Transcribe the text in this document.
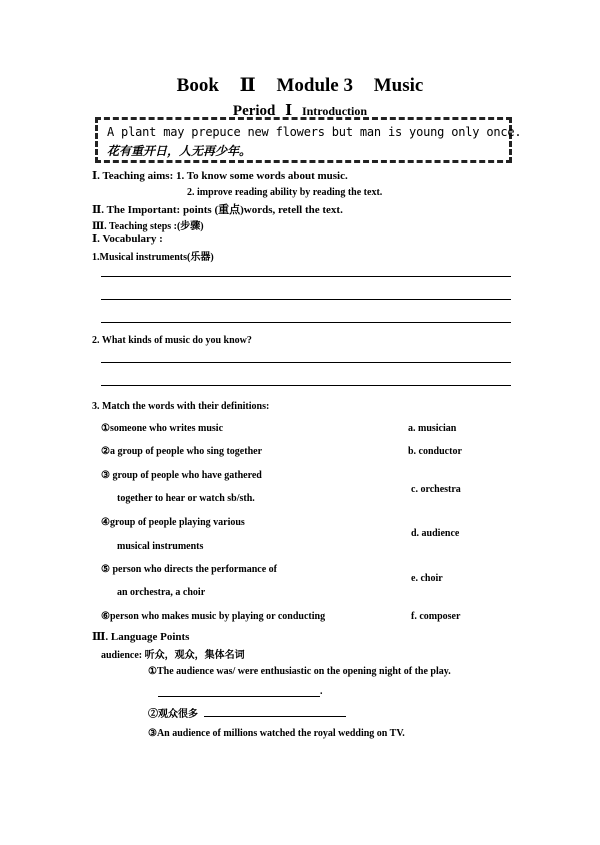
Book Ⅱ Module 3 Music
Period Ⅰ Introduction
A plant may prepuce new flowers but man is young only once.
花有重开日，人无再少年。
Ⅰ. Teaching aims: 1. To know some words about music.
2. improve reading ability by reading the text.
Ⅱ. The Important: points (重点)words, retell the text.
Ⅲ. Teaching steps :(步骤)
Ⅰ. Vocabulary :
1.Musical instruments(乐器)
2. What kinds of music do you know?
3. Match the words with their definitions:
①someone who writes music
②a group of people who sing together
③ group of people who have gathered
together to hear or watch sb/sth.
④group of people playing various
musical instruments
⑤ person who directs the performance of
an orchestra, a choir
⑥person who makes music by playing or conducting
a. musician
b. conductor
c. orchestra
d. audience
e. choir
f. composer
Ⅲ. Language Points
audience: 听众，观众，集体名词
①The audience was/ were enthusiastic on the opening night of the play.
.
②观众很多
③An audience of millions watched the royal wedding on TV.
